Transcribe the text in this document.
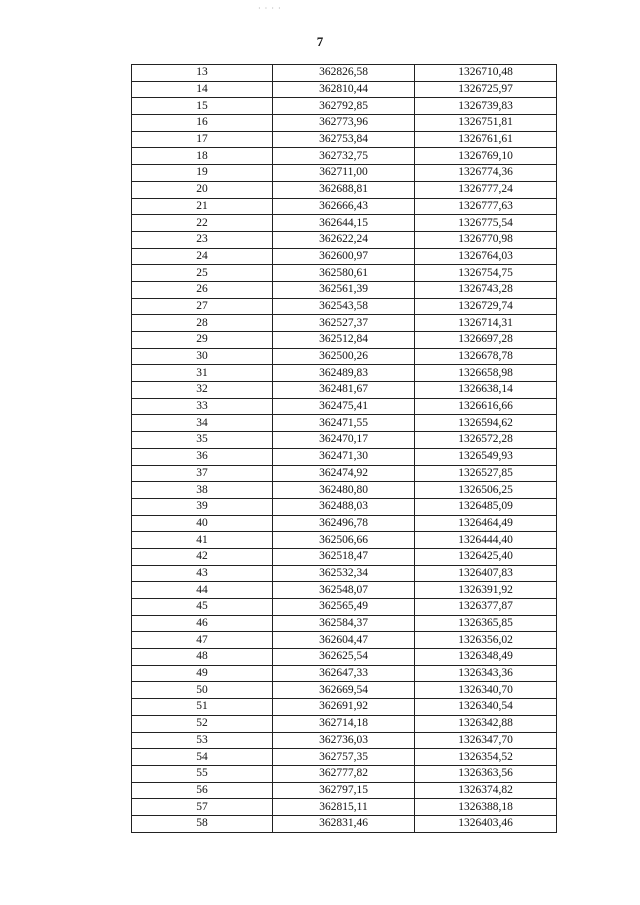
· · · ·
7
13	362826,58	1326710,48
14	362810,44	1326725,97
15	362792,85	1326739,83
16	362773,96	1326751,81
17	362753,84	1326761,61
18	362732,75	1326769,10
19	362711,00	1326774,36
20	362688,81	1326777,24
21	362666,43	1326777,63
22	362644,15	1326775,54
23	362622,24	1326770,98
24	362600,97	1326764,03
25	362580,61	1326754,75
26	362561,39	1326743,28
27	362543,58	1326729,74
28	362527,37	1326714,31
29	362512,84	1326697,28
30	362500,26	1326678,78
31	362489,83	1326658,98
32	362481,67	1326638,14
33	362475,41	1326616,66
34	362471,55	1326594,62
35	362470,17	1326572,28
36	362471,30	1326549,93
37	362474,92	1326527,85
38	362480,80	1326506,25
39	362488,03	1326485,09
40	362496,78	1326464,49
41	362506,66	1326444,40
42	362518,47	1326425,40
43	362532,34	1326407,83
44	362548,07	1326391,92
45	362565,49	1326377,87
46	362584,37	1326365,85
47	362604,47	1326356,02
48	362625,54	1326348,49
49	362647,33	1326343,36
50	362669,54	1326340,70
51	362691,92	1326340,54
52	362714,18	1326342,88
53	362736,03	1326347,70
54	362757,35	1326354,52
55	362777,82	1326363,56
56	362797,15	1326374,82
57	362815,11	1326388,18
58	362831,46	1326403,46
